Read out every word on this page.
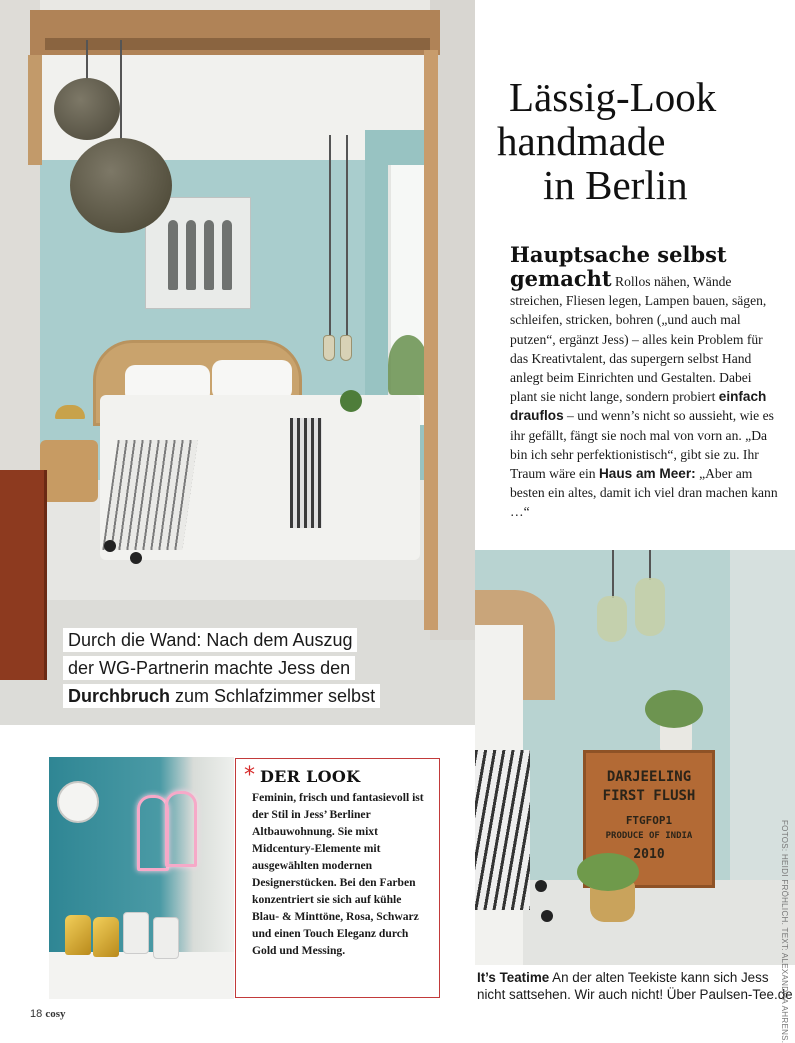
Durch die Wand: Nach dem Auszug
der WG-Partnerin machte Jess den
Durchbruch zum Schlafzimmer selbst
Lässig-Look
handmade
in Berlin
Hauptsache selbst
gemacht Rollos nähen, Wände streichen, Fliesen legen, Lampen bauen, sägen, schleifen, stricken, bohren („und auch mal putzen“, ergänzt Jess) – alles kein Problem für das Kreativtalent, das supergern selbst Hand anlegt beim Einrichten und Gestalten. Dabei plant sie nicht lange, sondern probiert einfach drauflos – und wenn’s nicht so aussieht, wie es ihr gefällt, fängt sie noch mal von vorn an. „Da bin ich sehr perfektionistisch“, gibt sie zu. Ihr Traum wäre ein Haus am Meer: „Aber am besten ein altes, damit ich viel dran machen kann …“
DARJEELING
FIRST FLUSH
FTGFOP1
PRODUCE OF INDIA
2010
It’s Teatime An der alten Teekiste kann sich Jess nicht sattsehen. Wir auch nicht! Über Paulsen-Tee.de
FOTOS: HEIDI FRÖHLICH. TEXT: ALEXANDRA AHRENS.
* DER LOOK
Feminin, frisch und fantasievoll ist der Stil in Jess’ Berliner Altbauwohnung. Sie mixt Midcentury-Elemente mit ausgewählten modernen Designerstücken. Bei den Farben konzentriert sie sich auf kühle Blau- & Minttöne, Rosa, Schwarz und einen Touch Eleganz durch Gold und Messing.
18 cosy
